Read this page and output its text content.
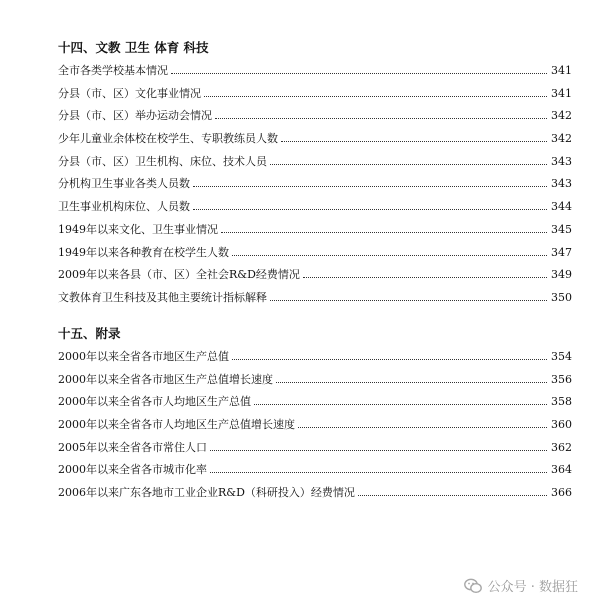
十四、文教 卫生 体育 科技
全市各类学校基本情况	341
分县（市、区）文化事业情况	341
分县（市、区）举办运动会情况	342
少年儿童业余体校在校学生、专职教练员人数	342
分县（市、区）卫生机构、床位、技术人员	343
分机构卫生事业各类人员数	343
卫生事业机构床位、人员数	344
1949年以来文化、卫生事业情况	345
1949年以来各种教育在校学生人数	347
2009年以来各县（市、区）全社会R&D经费情况	349
文教体育卫生科技及其他主要统计指标解释	350
十五、附录
2000年以来全省各市地区生产总值	354
2000年以来全省各市地区生产总值增长速度	356
2000年以来全省各市人均地区生产总值	358
2000年以来全省各市人均地区生产总值增长速度	360
2005年以来全省各市常住人口	362
2000年以来全省各市城市化率	364
2006年以来广东各地市工业企业R&D（科研投入）经费情况	366
公众号 · 数据狂
